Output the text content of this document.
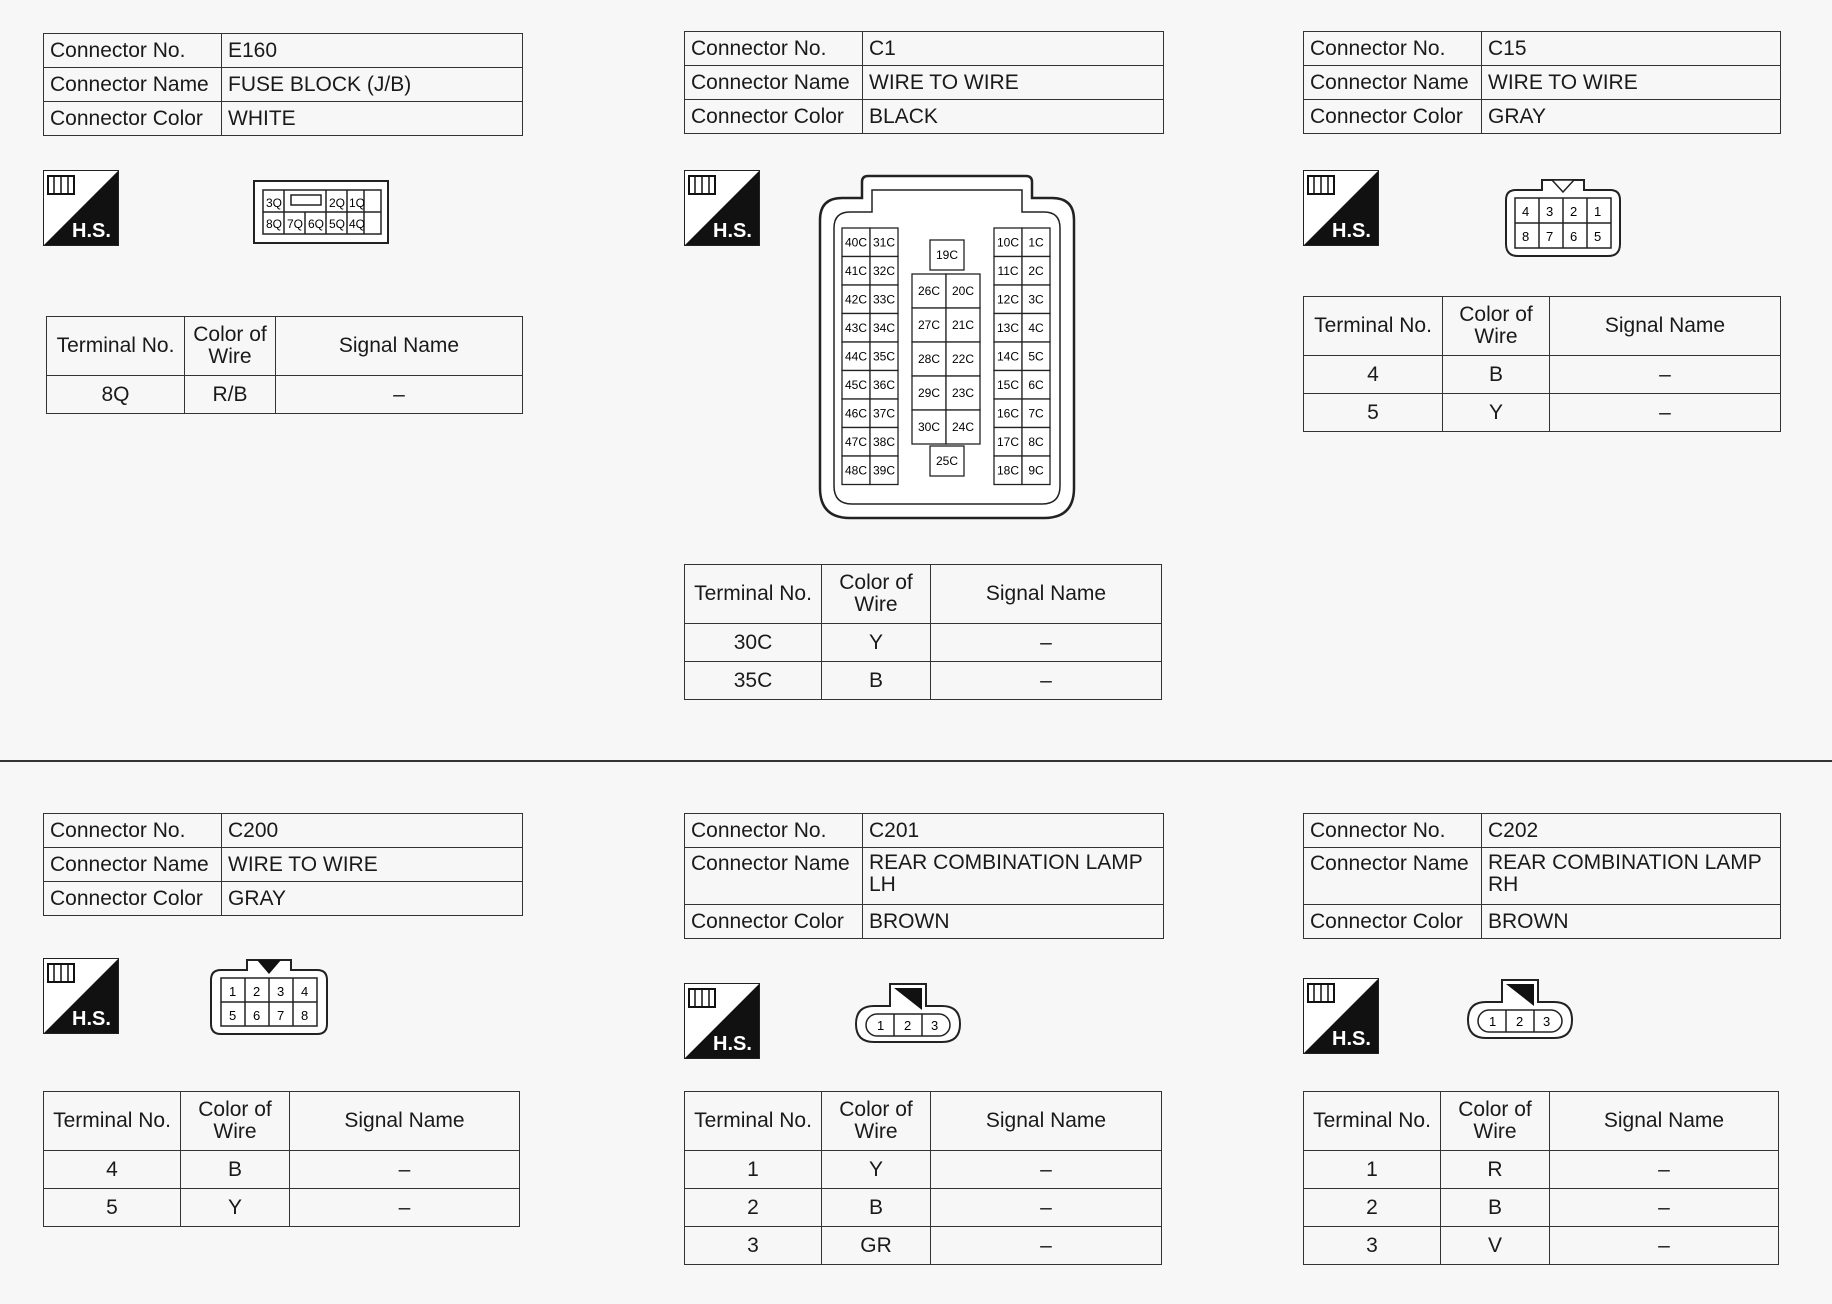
Connector No.	E160
Connector Name	FUSE BLOCK (J/B)
Connector Color	WHITE
H.S.
3Q	2Q 1Q
8Q 7Q 6Q 5Q 4Q
Terminal No.	Color of Wire	Signal Name
8Q	R/B	–
Connector No.	C1
Connector Name	WIRE TO WIRE
Connector Color	BLACK
H.S.
40C 31C
41C 32C
42C 33C
43C 34C
44C 35C
45C 36C
46C 37C
47C 38C
48C 39C
19C
26C 20C
27C 21C
28C 22C
29C 23C
30C 24C
25C
10C 1C
11C 2C
12C 3C
13C 4C
14C 5C
15C 6C
16C 7C
17C 8C
18C 9C
Terminal No.	Color of Wire	Signal Name
30C	Y	–
35C	B	–
Connector No.	C15
Connector Name	WIRE TO WIRE
Connector Color	GRAY
H.S.
4 3 2 1
8 7 6 5
Terminal No.	Color of Wire	Signal Name
4	B	–
5	Y	–
Connector No.	C200
Connector Name	WIRE TO WIRE
Connector Color	GRAY
H.S.
1 2 3 4
5 6 7 8
Terminal No.	Color of Wire	Signal Name
4	B	–
5	Y	–
Connector No.	C201
Connector Name	REAR COMBINATION LAMP
LH

Connector Color	BROWN
H.S.
1 2 3
Terminal No.	Color of Wire	Signal Name
1	Y	–
2	B	–
3	GR	–
Connector No.	C202
Connector Name	REAR COMBINATION LAMP
RH

Connector Color	BROWN
H.S.
1 2 3
Terminal No.	Color of Wire	Signal Name
1	R	–
2	B	–
3	V	–
